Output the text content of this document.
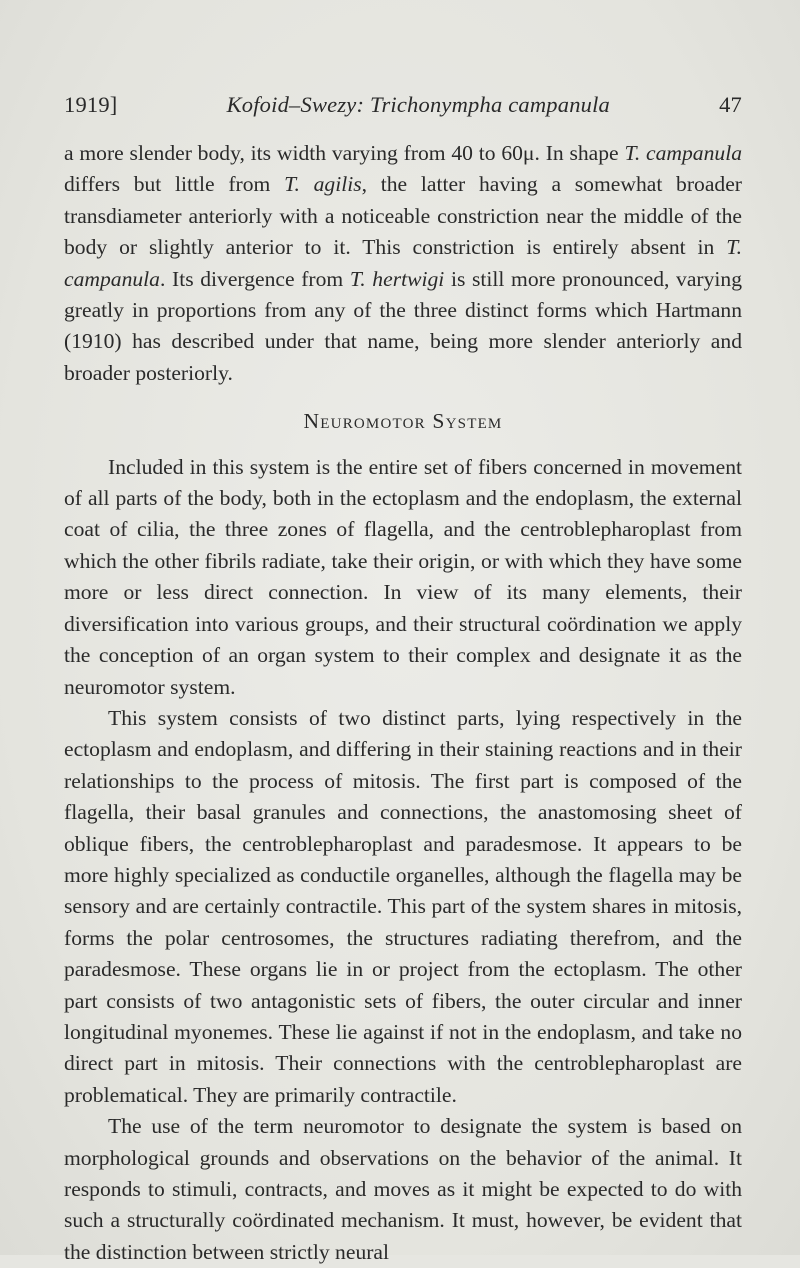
1919]	Kofoid–Swezy: Trichonympha campanula	47

a more slender body, its width varying from 40 to 60μ. In shape T. campanula differs but little from T. agilis, the latter having a somewhat broader transdiameter anteriorly with a noticeable constriction near the middle of the body or slightly anterior to it. This constriction is entirely absent in T. campanula. Its divergence from T. hertwigi is still more pronounced, varying greatly in proportions from any of the three distinct forms which Hartmann (1910) has described under that name, being more slender anteriorly and broader posteriorly.

Neuromotor System

Included in this system is the entire set of fibers concerned in movement of all parts of the body, both in the ectoplasm and the endoplasm, the external coat of cilia, the three zones of flagella, and the centroblepharoplast from which the other fibrils radiate, take their origin, or with which they have some more or less direct connection. In view of its many elements, their diversification into various groups, and their structural coördination we apply the conception of an organ system to their complex and designate it as the neuromotor system.

This system consists of two distinct parts, lying respectively in the ectoplasm and endoplasm, and differing in their staining reactions and in their relationships to the process of mitosis. The first part is composed of the flagella, their basal granules and connections, the anastomosing sheet of oblique fibers, the centroblepharoplast and paradesmose. It appears to be more highly specialized as conductile organelles, although the flagella may be sensory and are certainly contractile. This part of the system shares in mitosis, forms the polar centrosomes, the structures radiating therefrom, and the paradesmose. These organs lie in or project from the ectoplasm. The other part consists of two antagonistic sets of fibers, the outer circular and inner longitudinal myonemes. These lie against if not in the endoplasm, and take no direct part in mitosis. Their connections with the centroblepharoplast are problematical. They are primarily contractile.

The use of the term neuromotor to designate the system is based on morphological grounds and observations on the behavior of the animal. It responds to stimuli, contracts, and moves as it might be expected to do with such a structurally coördinated mechanism. It must, however, be evident that the distinction between strictly neural
